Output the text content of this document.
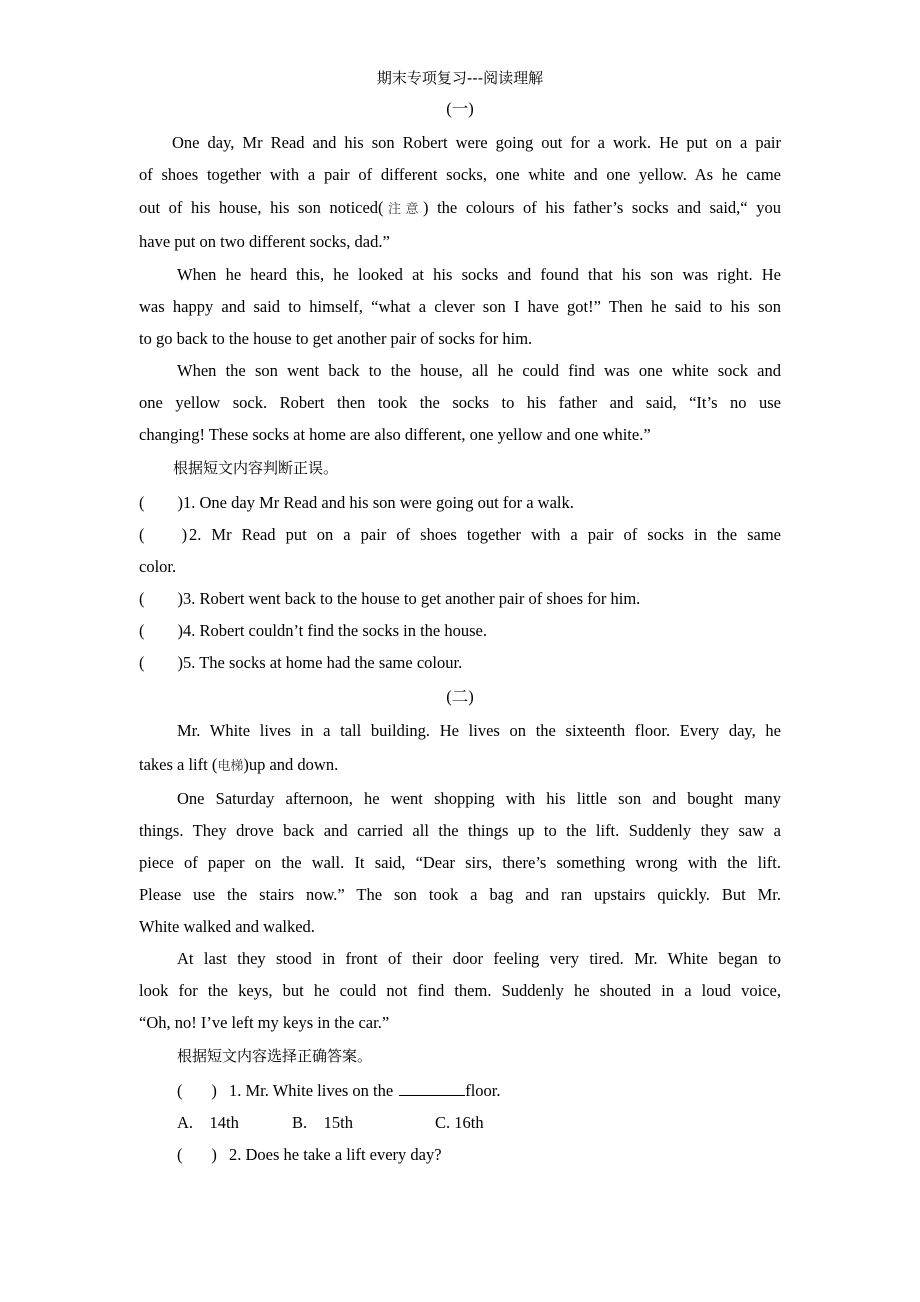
期末专项复习---阅读理解
(一)
One day, Mr Read and his son Robert were going out for a work. He put on a pair
of shoes together with a pair of different socks, one white and one yellow. As he came
out of his house, his son noticed(注意) the colours of his father’s socks and said,“ you
have put on two different socks, dad.”
When he heard this, he looked at his socks and found that his son was right. He
was happy and said to himself, “what a clever son I have got!” Then he said to his son
to go back to the house to get another pair of socks for him.
When the son went back to the house, all he could find was one white sock and
one yellow sock. Robert then took the socks to his father and said, “It’s no use
changing! These socks at home are also different, one yellow and one white.”
根据短文内容判断正误。
(        )1. One day Mr Read and his son were going out for a walk.
(         ) 2. Mr Read put on a pair of shoes together with a pair of socks in the same
color.
(        )3. Robert went back to the house to get another pair of shoes for him.
(        )4. Robert couldn’t find the socks in the house.
(        )5. The socks at home had the same colour.
(二)
Mr. White lives in a tall building. He lives on the sixteenth floor. Every day, he
takes a lift (电梯)up and down.
One Saturday afternoon, he went shopping with his little son and bought many
things. They drove back and carried all the things up to the lift. Suddenly they saw a
piece of paper on the wall. It said, “Dear sirs, there’s something wrong with the lift.
Please use the stairs now.” The son took a bag and ran upstairs quickly. But Mr.
White walked and walked.
At last they stood in front of their door feeling very tired. Mr. White began to
look for the keys, but he could not find them. Suddenly he shouted in a loud voice,
“Oh, no! I’ve left my keys in the car.”
根据短文内容选择正确答案。
(       ) 1. Mr. White lives on the	floor.
A.    14th	B.    15th	C. 16th
(       ) 2. Does he take a lift every day?
